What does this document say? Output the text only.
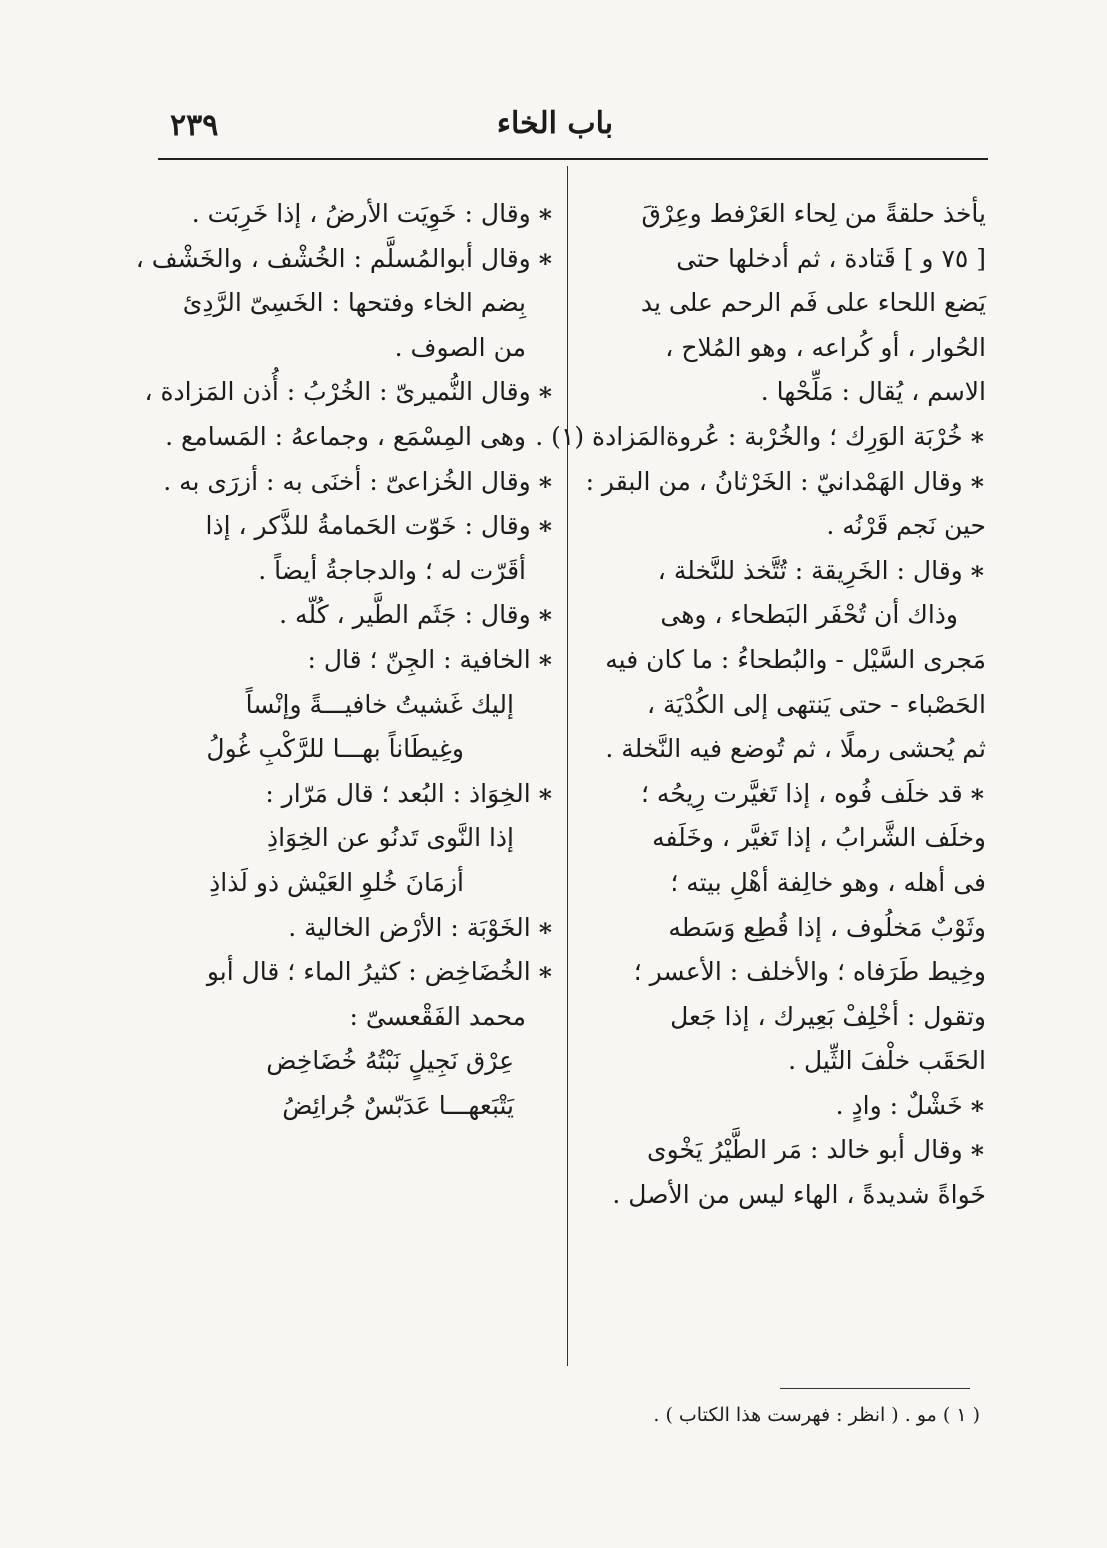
٢٣٩	باب الخاء
يأخذ حلقةً من لِحاء العَرْفط وعِرْقَ
[ ٧٥ و ] قَتادة ، ثم أدخلها حتى
يَضع اللحاء على فَم الرحم على يد
الحُوار ، أو كُراعه ، وهو المُلاح ،
الاسم ، يُقال : مَلِّحْها .
∗خُرْبَة الوَرِك ؛ والخُرْبة : عُروةالمَزادة (١) .
∗وقال الهَمْدانيّ : الخَرْثانُ ، من البقر :
حين نَجم قَرْنُه .
∗وقال : الخَرِيقة : تُتَّخذ للنَّخلة ،
وذاك أن تُحْفَر البَطحاء ، وهى
مَجرى السَّيْل - والبُطحاءُ : ما كان فيه
الحَصْباء - حتى يَنتهى إلى الكُدْيَة ،
ثم يُحشى رملًا ، ثم تُوضع فيه النَّخلة .
∗قد خلَف فُوه ، إذا تَغيَّرت رِيحُه ؛
وخلَف الشَّرابُ ، إذا تَغيَّر ، وخَلَفه
فى أهله ، وهو خالِفة أهْلِ بيته ؛
وثَوْبٌ مَخلُوف ، إذا قُطِع وَسَطه
وخِيط طَرَفاه ؛ والأخلف : الأعسر ؛
وتقول : أخْلِفْ بَعِيرك ، إذا جَعل
الحَقَب خلْفَ الثِّيل .
∗خَشْلٌ : وادٍ .
∗وقال أبو خالد : مَر الطَّيْرُ يَخْوى
خَواةً شديدةً ، الهاء ليس من الأصل .
∗وقال : خَوِيَت الأرضُ ، إذا خَرِبَت .
∗وقال أبوالمُسلَّم : الخُشْف ، والخَشْف ،
بِضم الخاء وفتحها : الخَسِىّ الرَّدِئ
من الصوف .
∗وقال النُّميرىّ : الخُرْبُ : أُذن المَزادة ،
وهى المِسْمَع ، وجماعهُ : المَسامع .
∗وقال الخُزاعىّ : أخنَى به : أزرَى به .
∗وقال : خَوّت الحَمامةُ للذَّكر ، إذا
أقَرّت له ؛ والدجاجةُ أيضاً .
∗وقال : جَثَم الطَّير ، كُلّه .
∗الخافية : الجِنّ ؛ قال :
إليك غَشيتُ خافيـــةً وإنْساً
وغِيطَاناً بهـــا للرَّكْبِ غُولُ
∗الخِوَاذ : البُعد ؛ قال مَرّار :
إذا النَّوى تَدنُو عن الخِوَاذِ
أزمَانَ خُلوِ العَيْش ذو لَذاذِ
∗الخَوْبَة : الأرْض الخالية .
∗الخُضَاخِض : كثيرُ الماء ؛ قال أبو
محمد الفَقْعسىّ :
عِرْق نَجِيلٍ نَبْتُهُ خُضَاخِض
يَتْبَعهـــا عَدَبّسٌ جُرائِضُ
( ١ ) مو . ( انظر : فهرست هذا الكتاب ) .
